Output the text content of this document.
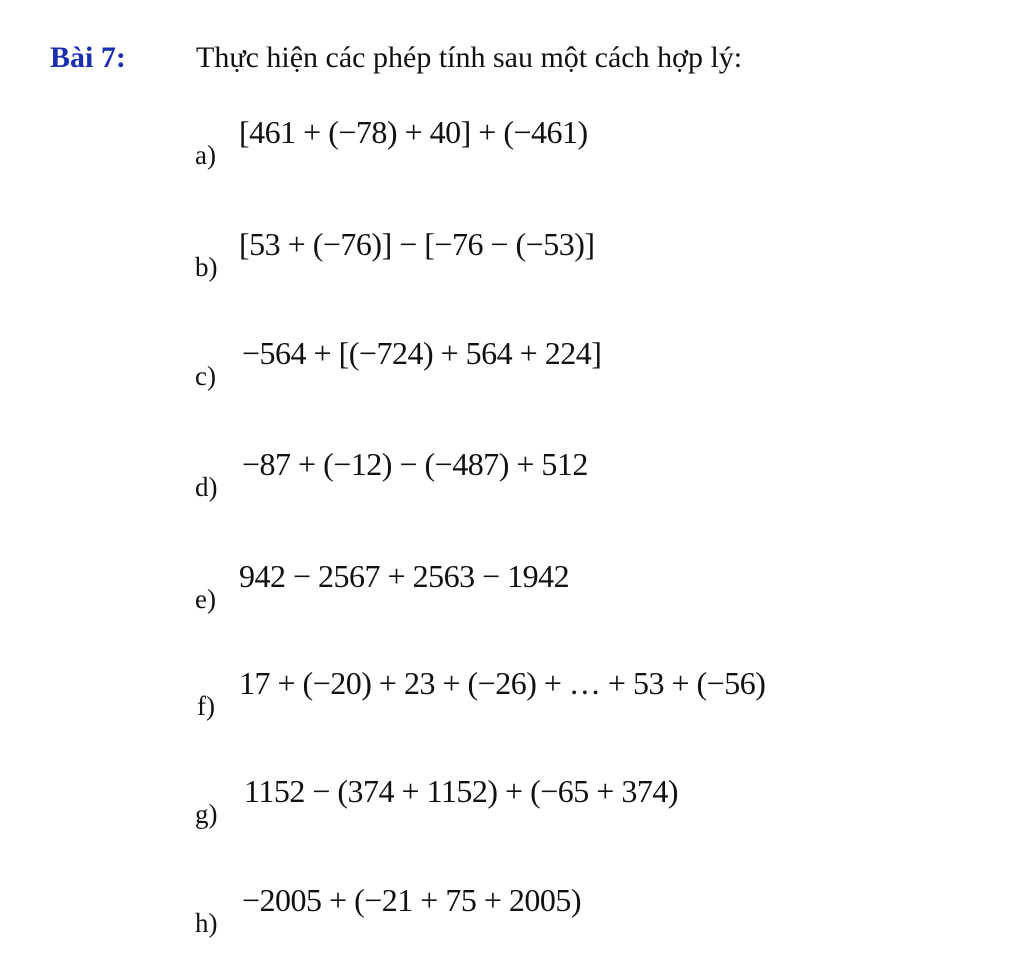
Bài 7:	Thực hiện các phép tính sau một cách hợp lý:
a)
[461 + (−78) + 40] + (−461)
b)
[53 + (−76)] − [−76 − (−53)]
c)
−564 + [(−724) + 564 + 224]
d)
−87 + (−12) − (−487) + 512
e)
942 − 2567 + 2563 − 1942
f)
17 + (−20) + 23 + (−26) + … + 53 + (−56)
g)
1152 − (374 + 1152) + (−65 + 374)
h)
−2005 + (−21 + 75 + 2005)
